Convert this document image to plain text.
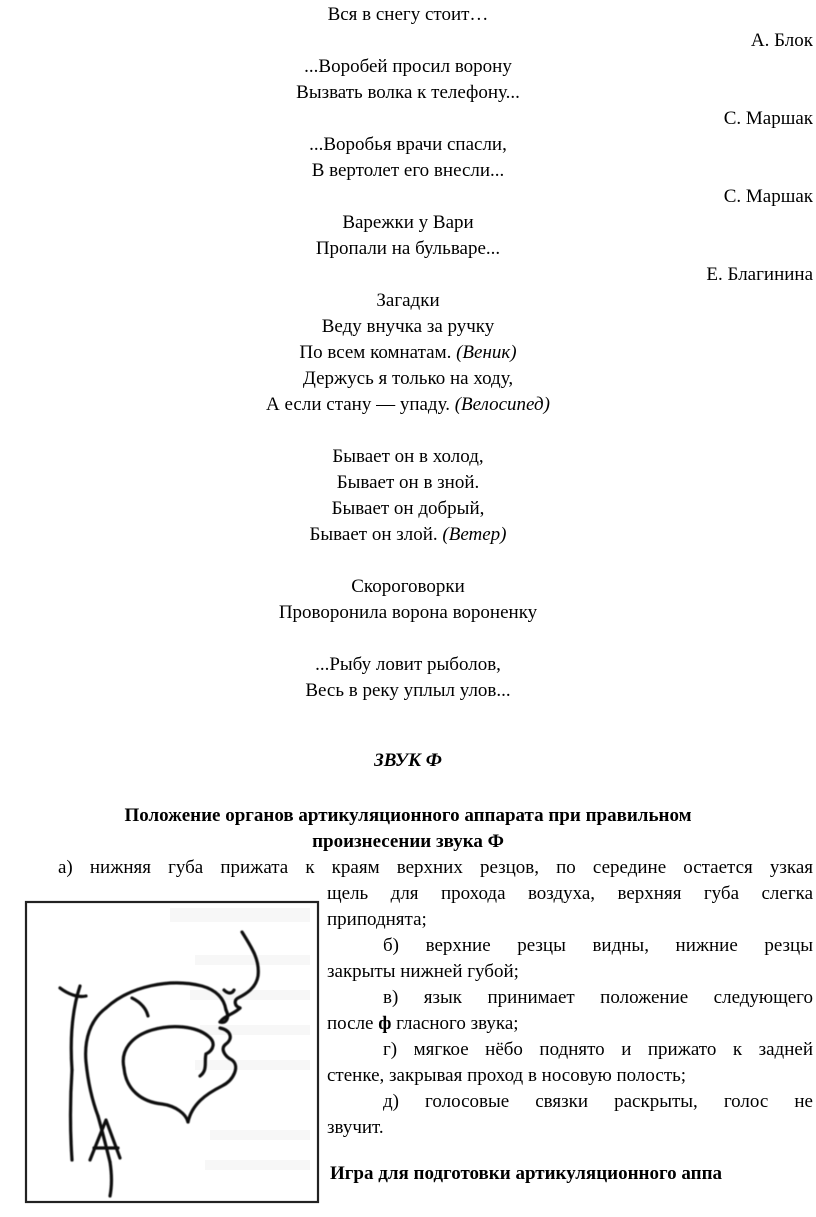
Вся в снегу стоит…
А. Блок
...Воробей просил ворону
Вызвать волка к телефону...
С. Маршак
...Воробья врачи спасли,
В вертолет его внесли...
С. Маршак
Варежки у Вари
Пропали на бульваре...
Е. Благинина
Загадки
Веду внучка за ручку
По всем комнатам. (Веник)
Держусь я только на ходу,
А если стану — упаду. (Велосипед)
Бывает он в холод,
Бывает он в зной.
Бывает он добрый,
Бывает он злой. (Ветер)
Скороговорки
Проворонила ворона вороненку
...Рыбу ловит рыболов,
Весь в реку уплыл улов...
ЗВУК Ф
Положение органов артикуляционного аппарата при правильном
произнесении звука Ф
а) нижняя губа прижата к краям верхних резцов, по середине остается узкая
щель для прохода воздуха, верхняя губа слегка
приподнята;
б) верхние резцы видны, нижние резцы
закрыты нижней губой;
в) язык принимает положение следующего
после ф гласного звука;
г) мягкое нёбо поднято и прижато к задней
стенке, закрывая проход в носовую полость;
д) голосовые связки раскрыты, голос не
звучит.
Игра для подготовки артикуляционного аппа
